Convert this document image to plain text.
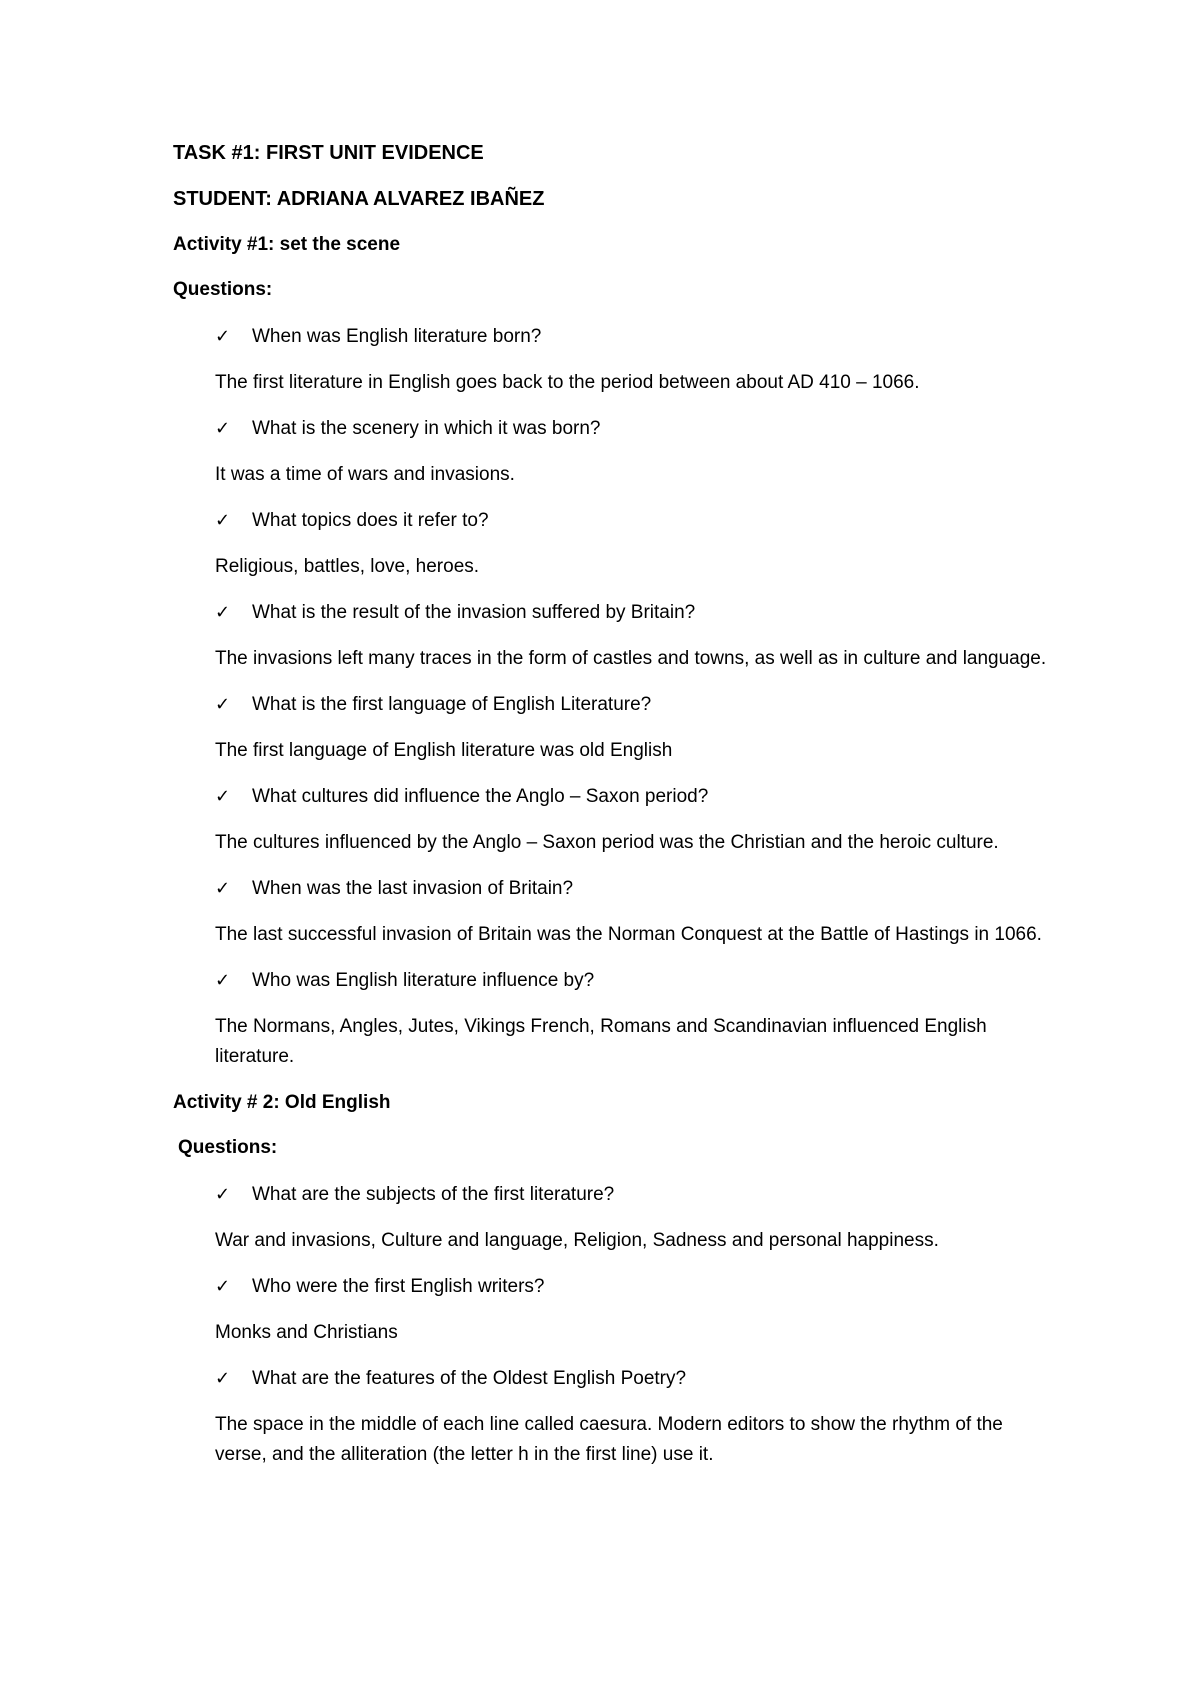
TASK #1: FIRST UNIT EVIDENCE
STUDENT: ADRIANA ALVAREZ IBAÑEZ
Activity #1: set the scene
Questions:
✓ When was English literature born?
The first literature in English goes back to the period between about AD 410 – 1066.
✓ What is the scenery in which it was born?
It was a time of wars and invasions.
✓ What topics does it refer to?
Religious, battles, love, heroes.
✓ What is the result of the invasion suffered by Britain?
The invasions left many traces in the form of castles and towns, as well as in culture and language.
✓ What is the first language of English Literature?
The first language of English literature was old English
✓ What cultures did influence the Anglo – Saxon period?
The cultures influenced by the Anglo – Saxon period was the Christian and the heroic culture.
✓ When was the last invasion of Britain?
The last successful invasion of Britain was the Norman Conquest at the Battle of Hastings in 1066.
✓ Who was English literature influence by?
The Normans, Angles, Jutes, Vikings French, Romans and Scandinavian influenced English literature.
Activity # 2: Old English
Questions:
✓ What are the subjects of the first literature?
War and invasions, Culture and language, Religion, Sadness and personal happiness.
✓ Who were the first English writers?
Monks and Christians
✓ What are the features of the Oldest English Poetry?
The space in the middle of each line called caesura. Modern editors to show the rhythm of the verse, and the alliteration (the letter h in the first line) use it.
